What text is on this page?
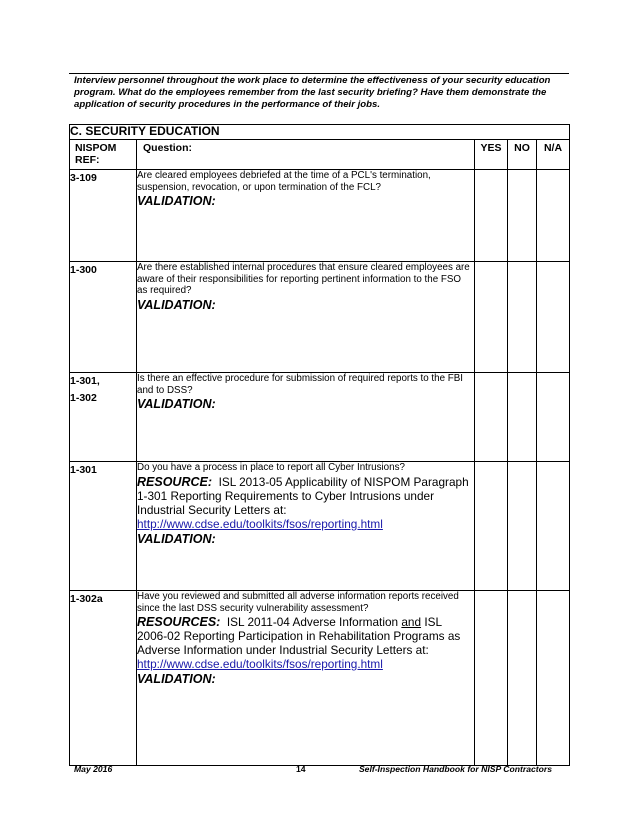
Interview personnel throughout the work place to determine the effectiveness of your security education program. What do the employees remember from the last security briefing? Have them demonstrate the application of security procedures in the performance of their jobs.
C. SECURITY EDUCATION				
NISPOM REF:	Question:	YES	NO	N/A
3-109	Are cleared employees debriefed at the time of a PCL's termination, suspension, revocation, or upon termination of the FCL?
VALIDATION:			

1-300	Are there established internal procedures that ensure cleared employees are aware of their responsibilities for reporting pertinent information to the FSO as required?
VALIDATION:			

1-301,
1-302	Is there an effective procedure for submission of required reports to the FBI and to DSS?
VALIDATION:			

1-301	Do you have a process in place to report all Cyber Intrusions?
RESOURCE: ISL 2013-05 Applicability of NISPOM Paragraph 1-301 Reporting Requirements to Cyber Intrusions under Industrial Security Letters at:
http://www.cdse.edu/toolkits/fsos/reporting.html
VALIDATION:			

1-302a	Have you reviewed and submitted all adverse information reports received since the last DSS security vulnerability assessment?
RESOURCES: ISL 2011-04 Adverse Information and ISL 2006-02 Reporting Participation in Rehabilitation Programs as Adverse Information under Industrial Security Letters at:
http://www.cdse.edu/toolkits/fsos/reporting.html
VALIDATION:			

May 2016	14	Self-Inspection Handbook for NISP Contractors
